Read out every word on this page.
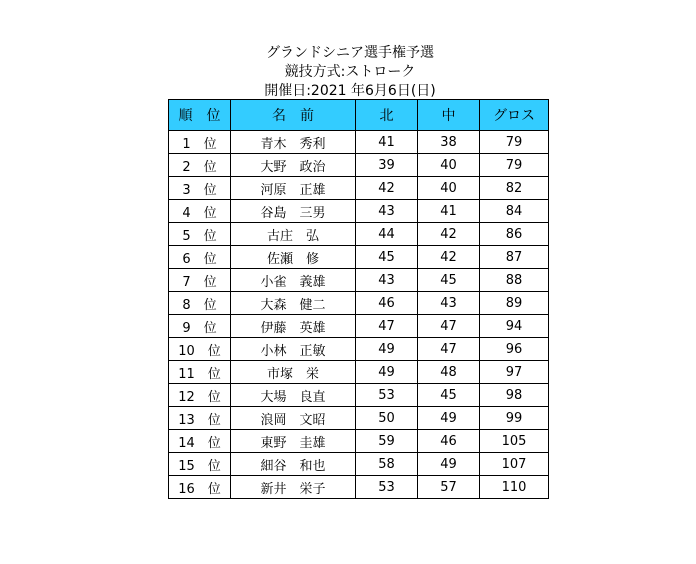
グランドシニア選手権予選
競技方式:ストローク
開催日:2021 年6月6日(日)
順　位	名　前	北	中	グロス
1　位	青木　秀利	41	38	79
2　位	大野　政治	39	40	79
3　位	河原　正雄	42	40	82
4　位	谷島　三男	43	41	84
5　位	古庄　弘	44	42	86
6　位	佐瀬　修	45	42	87
7　位	小雀　義雄	43	45	88
8　位	大森　健二	46	43	89
9　位	伊藤　英雄	47	47	94
10　位	小林　正敏	49	47	96
11　位	市塚　栄	49	48	97
12　位	大場　良直	53	45	98
13　位	浪岡　文昭	50	49	99
14　位	東野　圭雄	59	46	105
15　位	細谷　和也	58	49	107
16　位	新井　栄子	53	57	110
